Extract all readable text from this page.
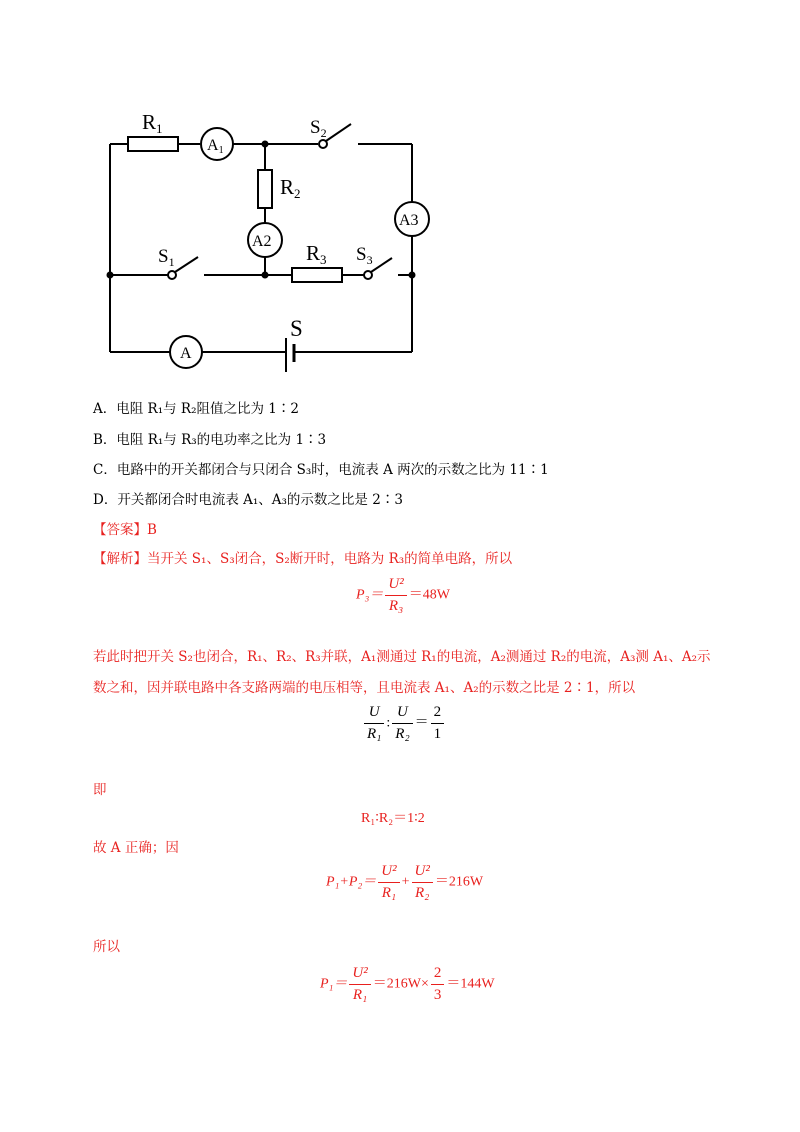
R1
A1
$S_2$
R2
A2
A3
$S_1$	R3 $S_3$
S
A
A．电阻 R₁与 R₂阻值之比为 1∶2
B．电阻 R₁与 R₃的电功率之比为 1∶3
C．电路中的开关都闭合与只闭合 S₃时，电流表 A 两次的示数之比为 11∶1
D．开关都闭合时电流表 A₁、A₃的示数之比是 2∶3
【答案】B
【解析】当开关 S₁、S₃闭合，S₂断开时，电路为 R₃的简单电路，所以
$P_3= \frac{\text{U²}}{\text{R₃}} =48W$
若此时把开关 S₂也闭合，R₁、R₂、R₃并联，A₁测通过 R₁的电流，A₂测通过 R₂的电流，A₃测 A₁、A₂示
数之和，因并联电路中各支路两端的电压相等，且电流表 A₁、A₂的示数之比是 2∶1，所以
$\frac{U}{\text{R₁}}$ : $\frac{U}{\text{R₂}} = \frac{2}{1}$
即
R₁∶R₂＝1∶2
故 A 正确；因
$P_1+P_2= \frac{\text{U²}}{\text{R₁}} + \frac{\text{U²}}{\text{R₂}} =216W$
所以
$P_1= \frac{\text{U²}}{\text{R₁}} =216W\times \frac{2}{3} =144W$
